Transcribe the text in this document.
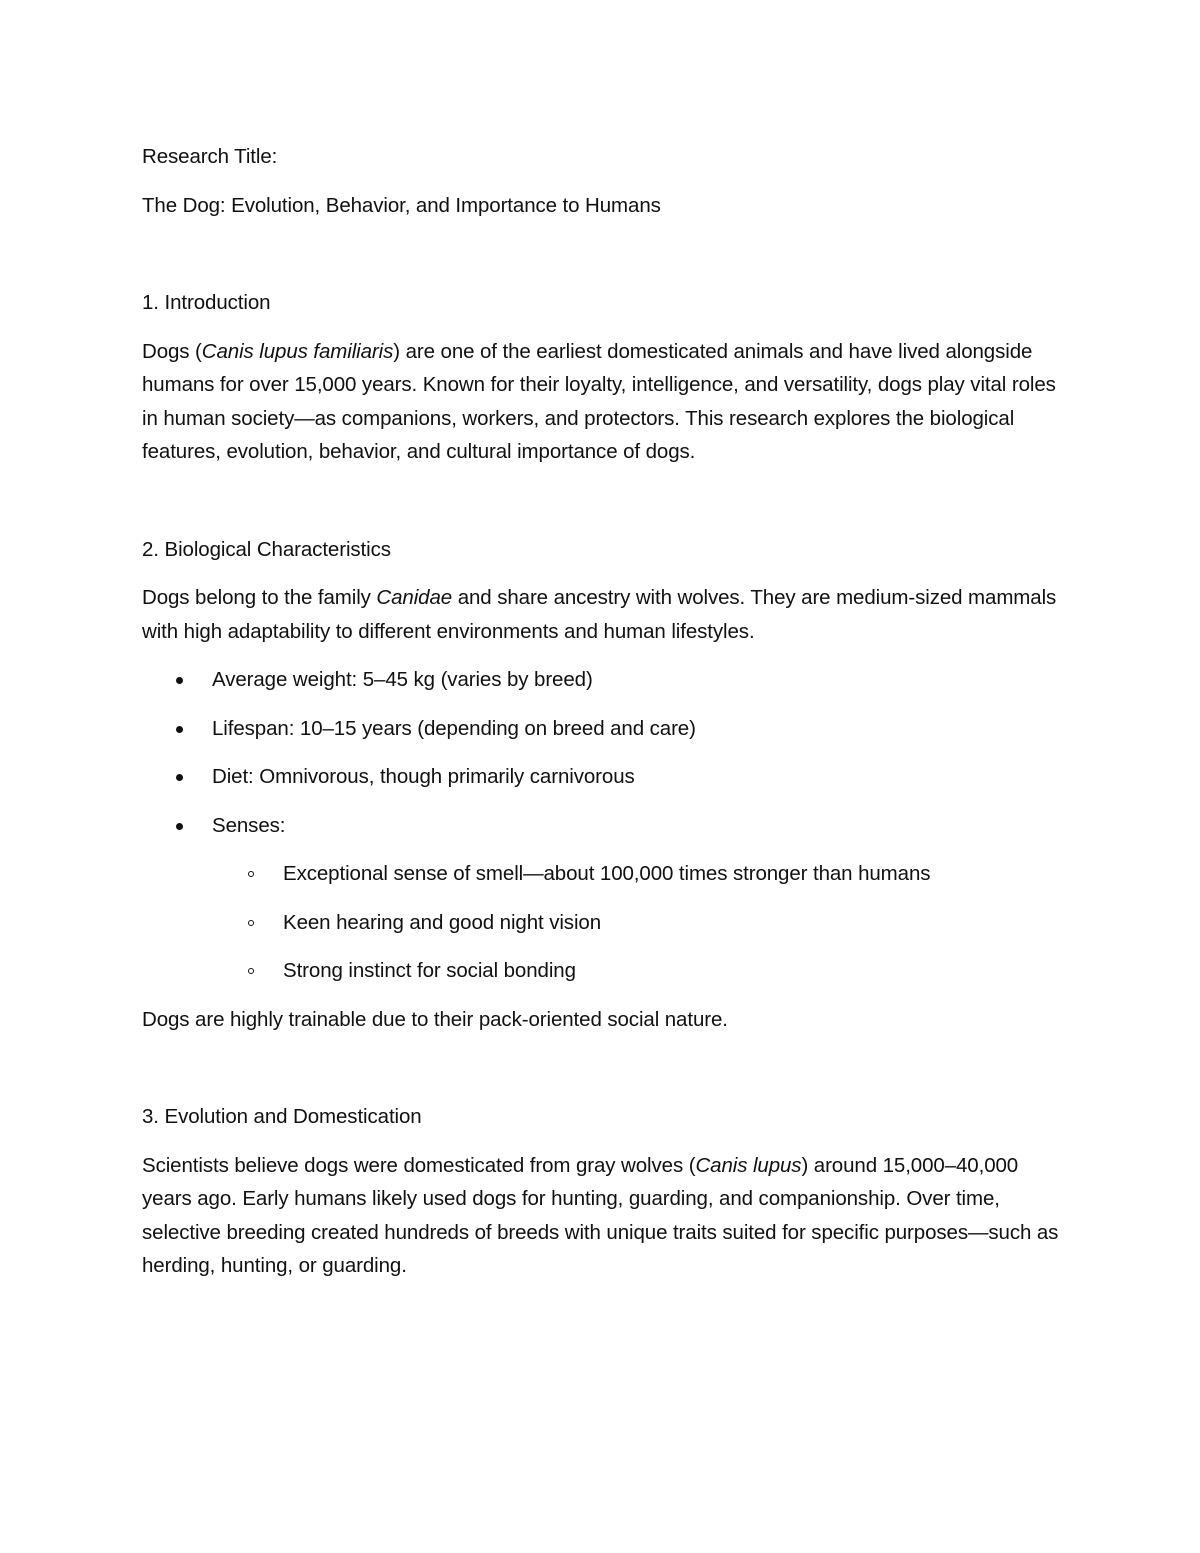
Research Title:

The Dog: Evolution, Behavior, and Importance to Humans

1. Introduction

Dogs (Canis lupus familiaris) are one of the earliest domesticated animals and have lived alongside humans for over 15,000 years. Known for their loyalty, intelligence, and versatility, dogs play vital roles in human society—as companions, workers, and protectors. This research explores the biological features, evolution, behavior, and cultural importance of dogs.

2. Biological Characteristics

Dogs belong to the family Canidae and share ancestry with wolves. They are medium-sized mammals with high adaptability to different environments and human lifestyles.

Average weight: 5–45 kg (varies by breed)
Lifespan: 10–15 years (depending on breed and care)
Diet: Omnivorous, though primarily carnivorous
Senses:
Exceptional sense of smell—about 100,000 times stronger than humans
Keen hearing and good night vision
Strong instinct for social bonding

Dogs are highly trainable due to their pack-oriented social nature.

3. Evolution and Domestication

Scientists believe dogs were domesticated from gray wolves (Canis lupus) around 15,000–40,000 years ago. Early humans likely used dogs for hunting, guarding, and companionship. Over time, selective breeding created hundreds of breeds with unique traits suited for specific purposes—such as herding, hunting, or guarding.
